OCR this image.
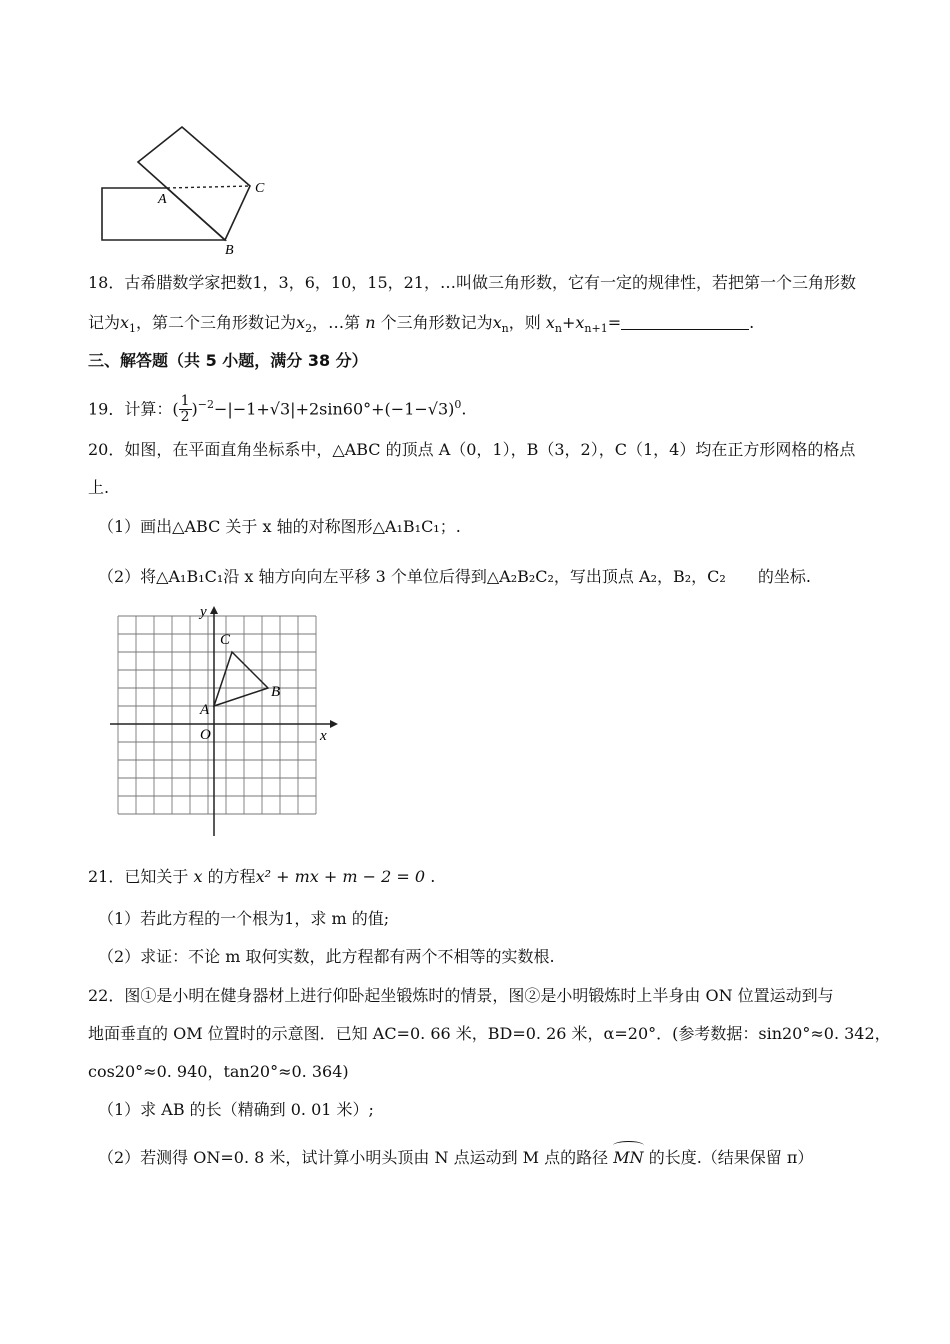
A
C
B
18．古希腊数学家把数1，3，6，10，15，21，…叫做三角形数，它有一定的规律性，若把第一个三角形数
记为$x_1$，第二个三角形数记为$x_2$，…第 n 个三角形数记为$x_n$，则 $x_n+x_{n+1}=$	.
三、解答题（共 5 小题，满分 38 分）
19．计算：( $\frac{1}{2} )^{-2}-|-1+√3|+2\sin 60^\circ+(-1-√3)^0$.
20．如图，在平面直角坐标系中，△ABC 的顶点 A（0，1），B（3，2），C（1，4）均在正方形网格的格点
上.
（1）画出△ABC 关于 x 轴的对称图形△A₁B₁C₁；.
（2）将△A₁B₁C₁沿 x 轴方向向左平移 3 个单位后得到△A₂B₂C₂，写出顶点 A₂，B₂，C₂　　的坐标.
y
x
O
A
B
C
21．已知关于 x 的方程x² + mx + m − 2 = 0 .
（1）若此方程的一个根为1，求 m 的值;
（2）求证：不论 m 取何实数，此方程都有两个不相等的实数根.
22．图①是小明在健身器材上进行仰卧起坐锻炼时的情景，图②是小明锻炼时上半身由 ON 位置运动到与
地面垂直的 OM 位置时的示意图．已知 AC=0. 66 米，BD=0. 26 米，α=20°．(参考数据：sin20°≈0. 342，
cos20°≈0. 940，tan20°≈0. 364)
（1）求 AB 的长（精确到 0. 01 米）;
（2）若测得 ON=0. 8 米，试计算小明头顶由 N 点运动到 M 点的路径 MN 的长度.（结果保留 π）
